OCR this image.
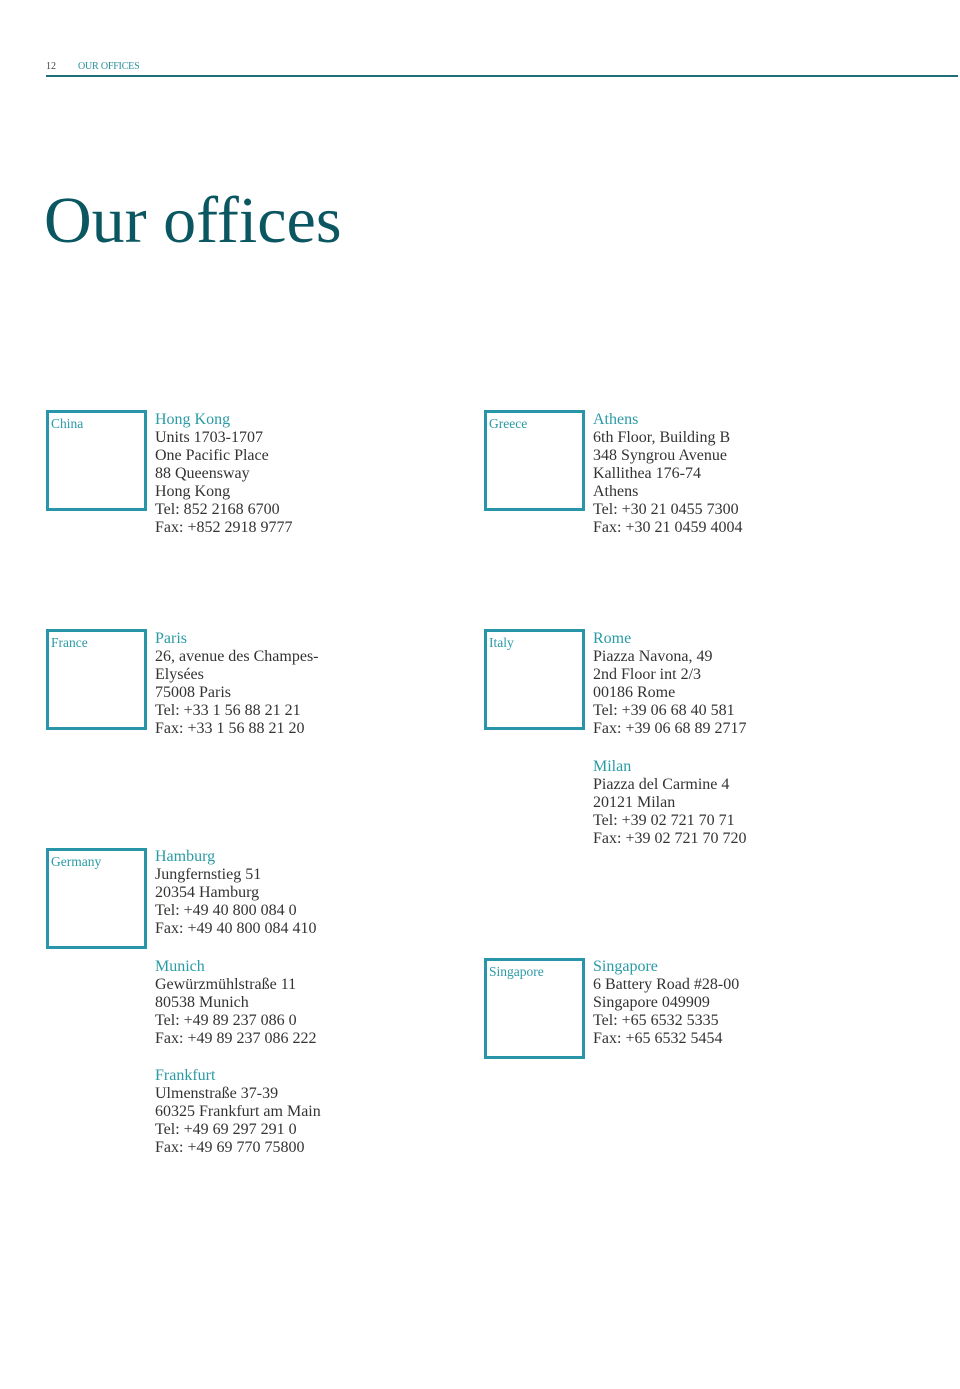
12 OUR OFFICES
Our offices
China	Greece
France	Italy
Germany
Singapore
Hong Kong
Units 1703-1707
One Pacific Place
88 Queensway
Hong Kong
Tel: 852 2168 6700
Fax: +852 2918 9777
Athens
6th Floor, Building B
348 Syngrou Avenue
Kallithea 176-74
Athens
Tel: +30 21 0455 7300
Fax: +30 21 0459 4004
Paris
26, avenue des Champes-
Elysées
75008 Paris
Tel: +33 1 56 88 21 21
Fax: +33 1 56 88 21 20
Rome
Piazza Navona, 49
2nd Floor int 2/3
00186 Rome
Tel: +39 06 68 40 581
Fax: +39 06 68 89 2717
Milan
Piazza del Carmine 4
20121 Milan
Tel: +39 02 721 70 71
Fax: +39 02 721 70 720
Hamburg
Jungfernstieg 51
20354 Hamburg
Tel: +49 40 800 084 0
Fax: +49 40 800 084 410
Munich
Gewürzmühlstraße 11
80538 Munich
Tel: +49 89 237 086 0
Fax: +49 89 237 086 222
Frankfurt
Ulmenstraße 37-39
60325 Frankfurt am Main
Tel: +49 69 297 291 0
Fax: +49 69 770 75800
Singapore
6 Battery Road #28-00
Singapore 049909
Tel: +65 6532 5335
Fax: +65 6532 5454
